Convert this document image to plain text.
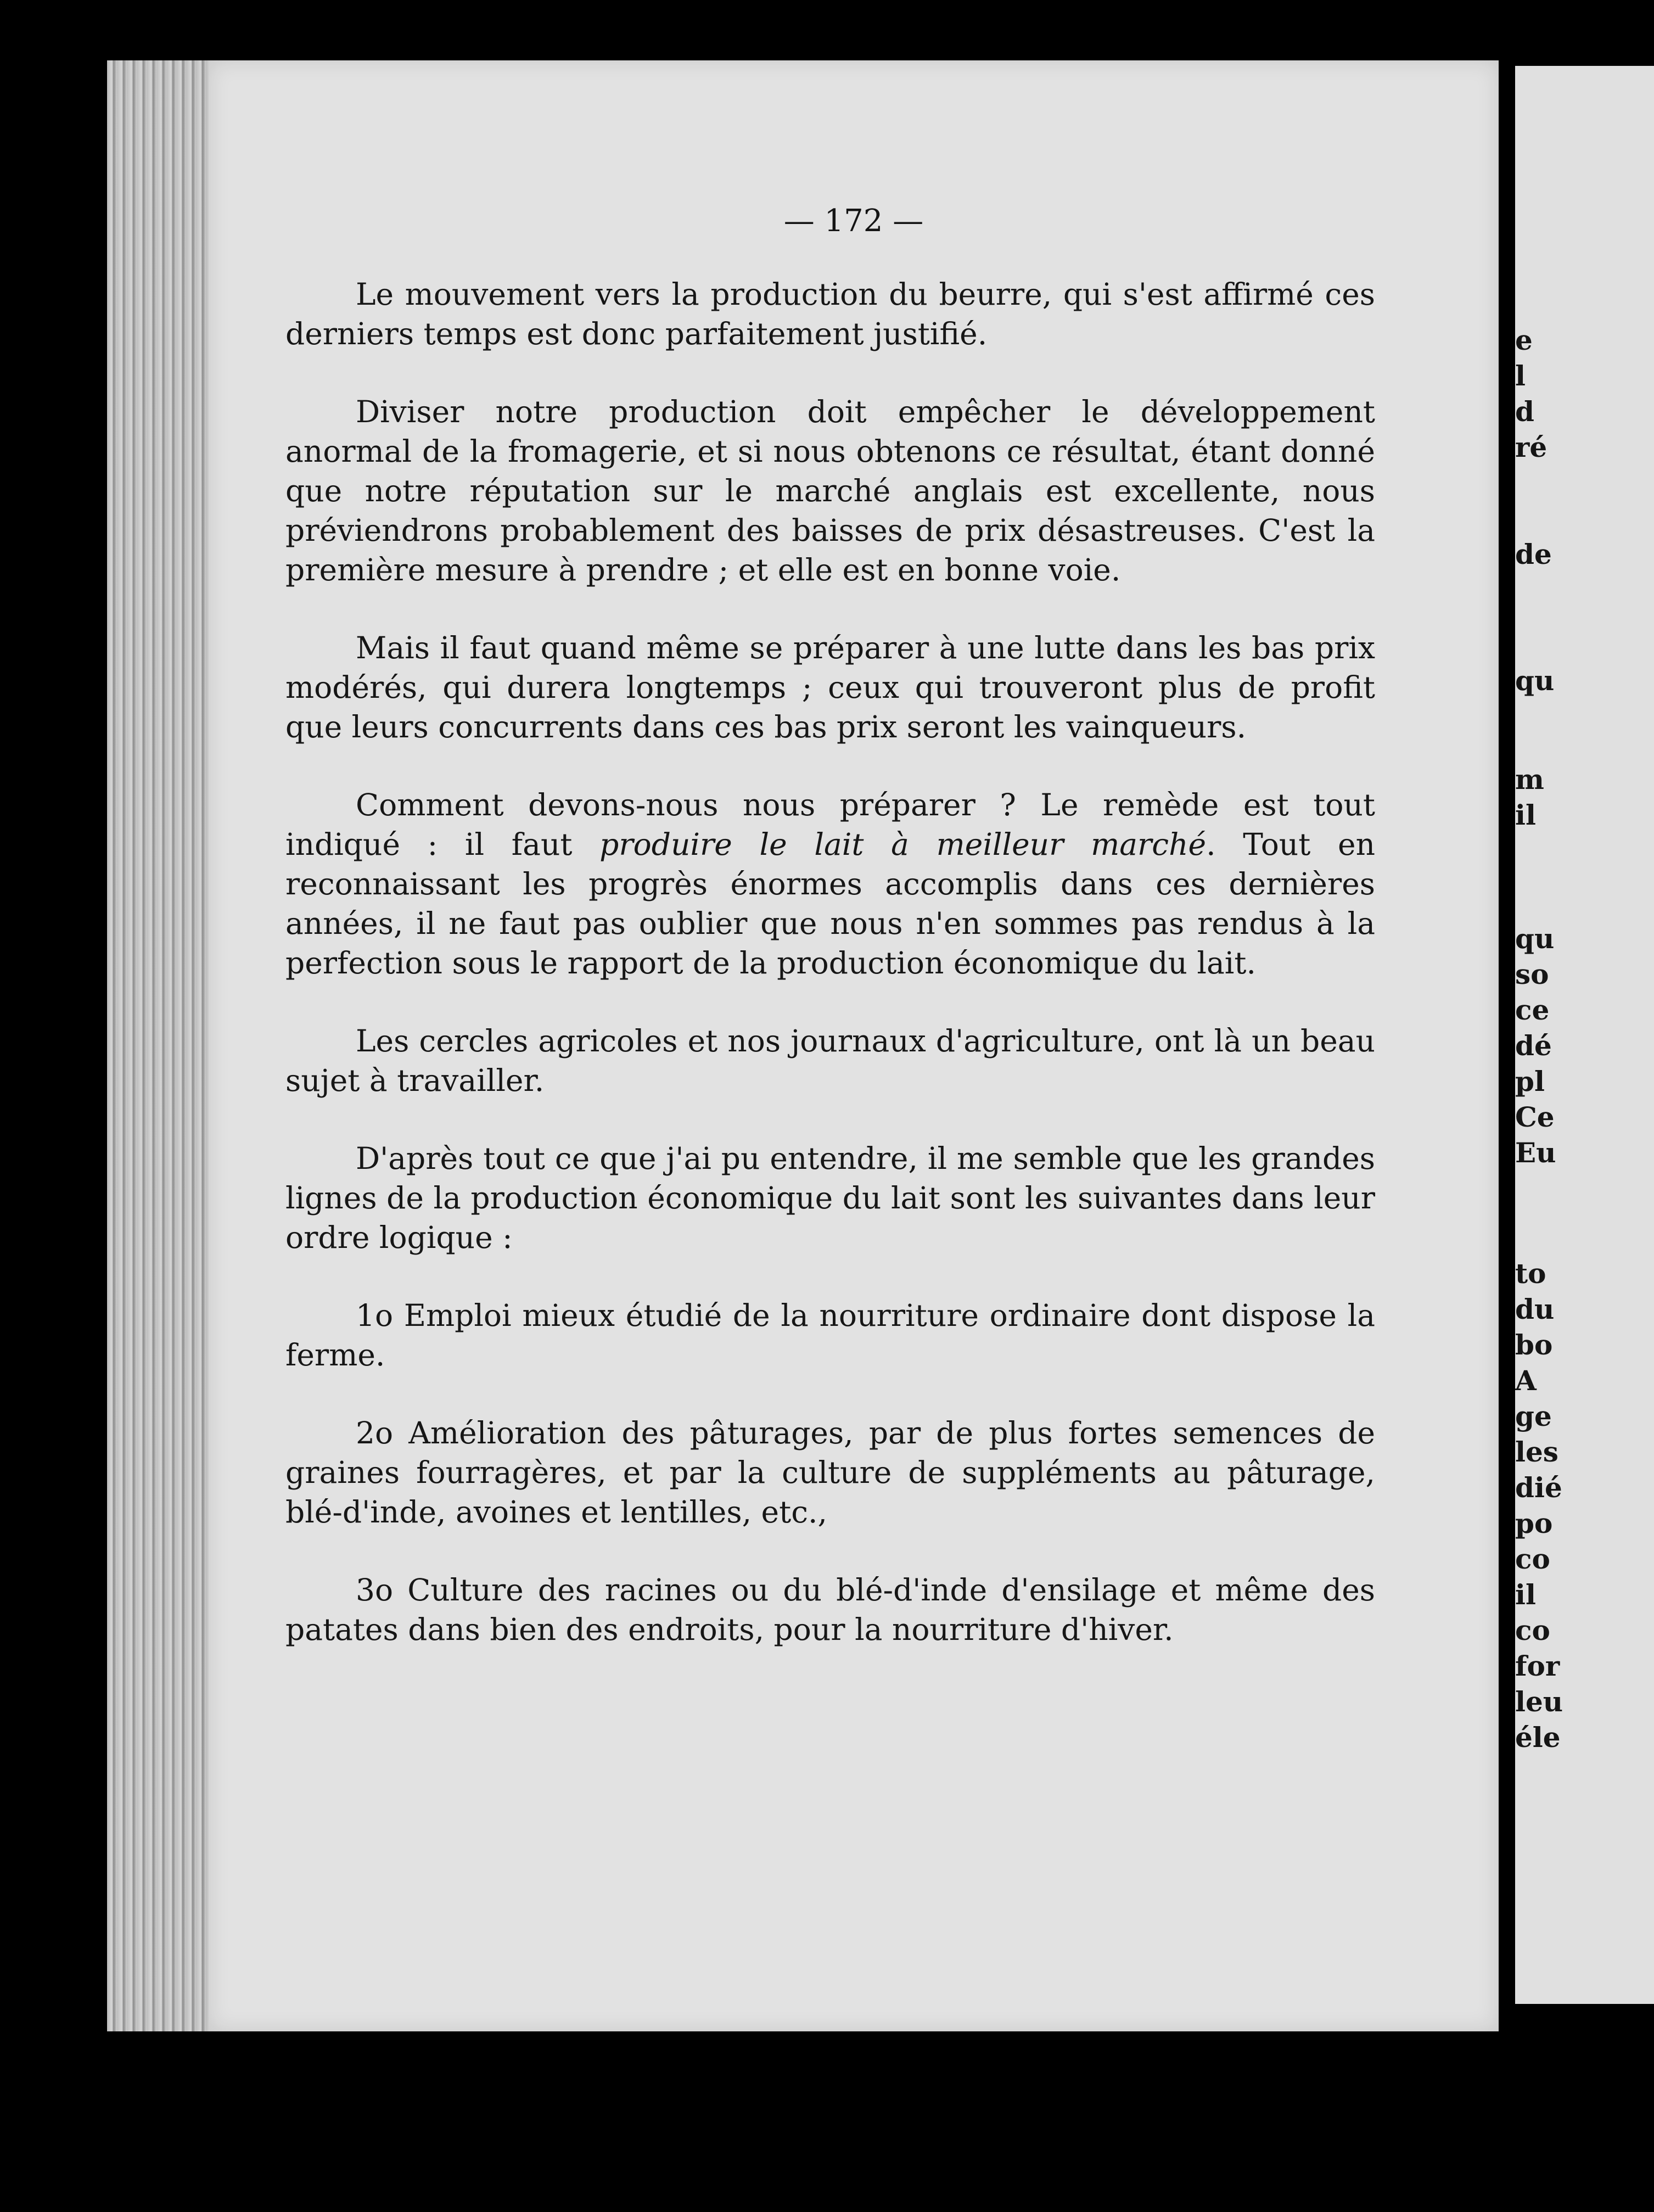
— 172 —

Le mouvement vers la production du beurre, qui s'est affirmé ces derniers temps est donc parfaitement justifié.

Diviser notre production doit empêcher le développement anormal de la fromagerie, et si nous obtenons ce résultat, étant donné que notre réputation sur le marché anglais est excellente, nous préviendrons probablement des baisses de prix désastreuses. C'est la première mesure à prendre ; et elle est en bonne voie.

Mais il faut quand même se préparer à une lutte dans les bas prix modérés, qui durera longtemps ; ceux qui trouveront plus de profit que leurs concurrents dans ces bas prix seront les vainqueurs.

Comment devons-nous nous préparer ? Le remède est tout indiqué : il faut produire le lait à meilleur marché. Tout en reconnaissant les progrès énormes accomplis dans ces dernières années, il ne faut pas oublier que nous n'en sommes pas rendus à la perfection sous le rapport de la production économique du lait.

Les cercles agricoles et nos journaux d'agriculture, ont là un beau sujet à travailler.

D'après tout ce que j'ai pu entendre, il me semble que les grandes lignes de la production économique du lait sont les suivantes dans leur ordre logique :

1o Emploi mieux étudié de la nourriture ordinaire dont dispose la ferme.

2o Amélioration des pâturages, par de plus fortes semences de graines fourragères, et par la culture de suppléments au pâturage, blé-d'inde, avoines et lentilles, etc.,

3o Culture des racines ou du blé-d'inde d'ensilage et même des patates dans bien des endroits, pour la nourriture d'hiver.

e
l
d
ré
de
qu
m
il
qu
so
ce
dé
pl
Ce
Eu
to
du
bo
A
ge
les
dié
po
co
il
co
for
leu
éle
